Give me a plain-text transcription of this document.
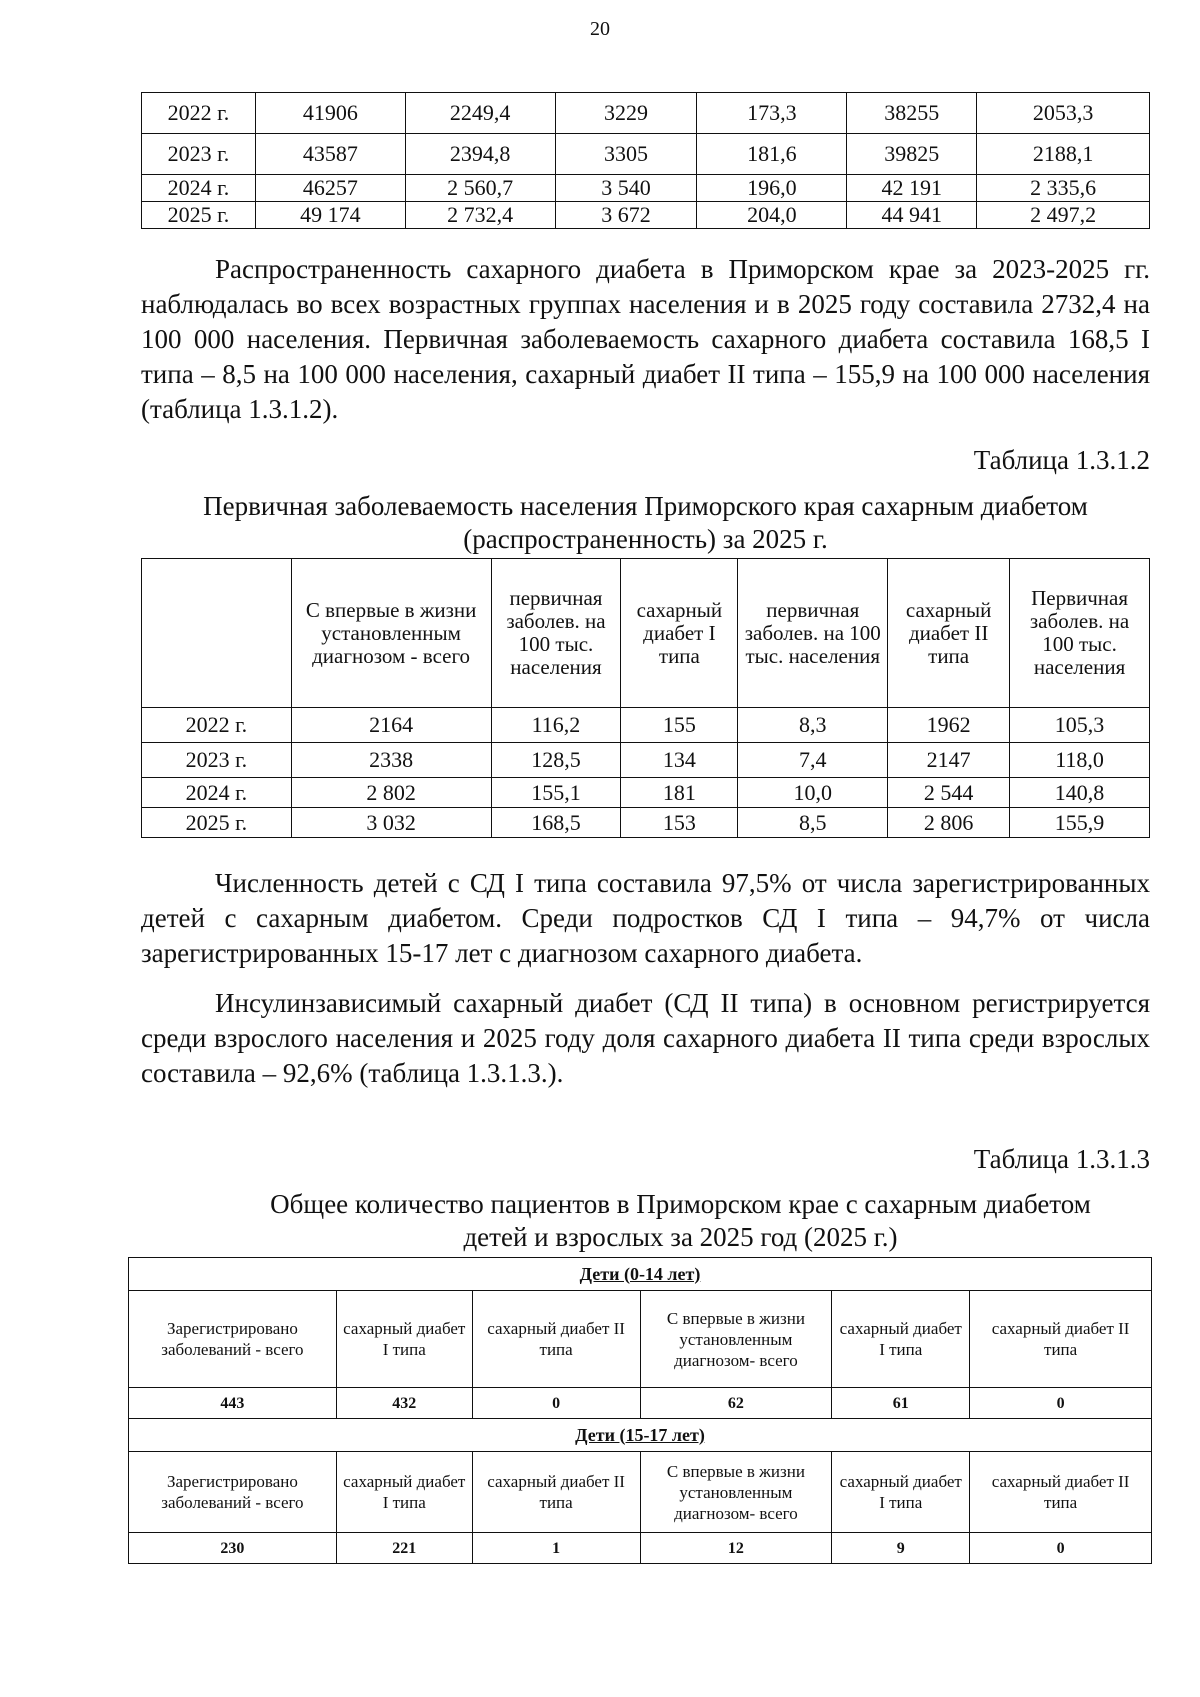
20
2022 г.	41906	2249,4	3229	173,3	38255	2053,3
2023 г.	43587	2394,8	3305	181,6	39825	2188,1
2024 г.	46257	2 560,7	3 540	196,0	42 191	2 335,6
2025 г.	49 174	2 732,4	3 672	204,0	44 941	2 497,2

Распространенность сахарного диабета в Приморском крае за 2023-2025 гг. наблюдалась во всех возрастных группах населения и в 2025 году составила 2732,4 на 100 000 населения. Первичная заболеваемость сахарного диабета составила 168,5 I типа – 8,5 на 100 000 населения, сахарный диабет II типа – 155,9 на 100 000 населения (таблица 1.3.1.2).

Таблица 1.3.1.2

Первичная заболеваемость населения Приморского края сахарным диабетом

(распространенность) за 2025 г.

	С впервые в жизни установленным диагнозом - всего	первичная заболев. на 100 тыс. населения	сахарный диабет I типа	первичная заболев. на 100 тыс. населения	сахарный диабет II типа	Первичная заболев. на 100 тыс. населения
2022 г.	2164	116,2	155	8,3	1962	105,3
2023 г.	2338	128,5	134	7,4	2147	118,0
2024 г.	2 802	155,1	181	10,0	2 544	140,8
2025 г.	3 032	168,5	153	8,5	2 806	155,9

Численность детей с СД I типа составила 97,5% от числа зарегистрированных детей с сахарным диабетом. Среди подростков СД I типа – 94,7% от числа зарегистрированных 15-17 лет с диагнозом сахарного диабета.

Инсулинзависимый сахарный диабет (СД II типа) в основном регистрируется среди взрослого населения и 2025 году доля сахарного диабета II типа среди взрослых составила – 92,6% (таблица 1.3.1.3.).

Таблица 1.3.1.3

Общее количество пациентов в Приморском крае с сахарным диабетом

детей и взрослых за 2025 год (2025 г.)

Дети (0-14 лет)					
Зарегистрировано заболеваний - всего	сахарный диабет I типа	сахарный диабет II типа	С впервые в жизни установленным диагнозом- всего	сахарный диабет I типа	сахарный диабет II типа
443	432	0	62	61	0
Дети (15-17 лет)					
Зарегистрировано заболеваний - всего	сахарный диабет I типа	сахарный диабет II типа	С впервые в жизни установленным диагнозом- всего	сахарный диабет I типа	сахарный диабет II типа
230	221	1	12	9	0
